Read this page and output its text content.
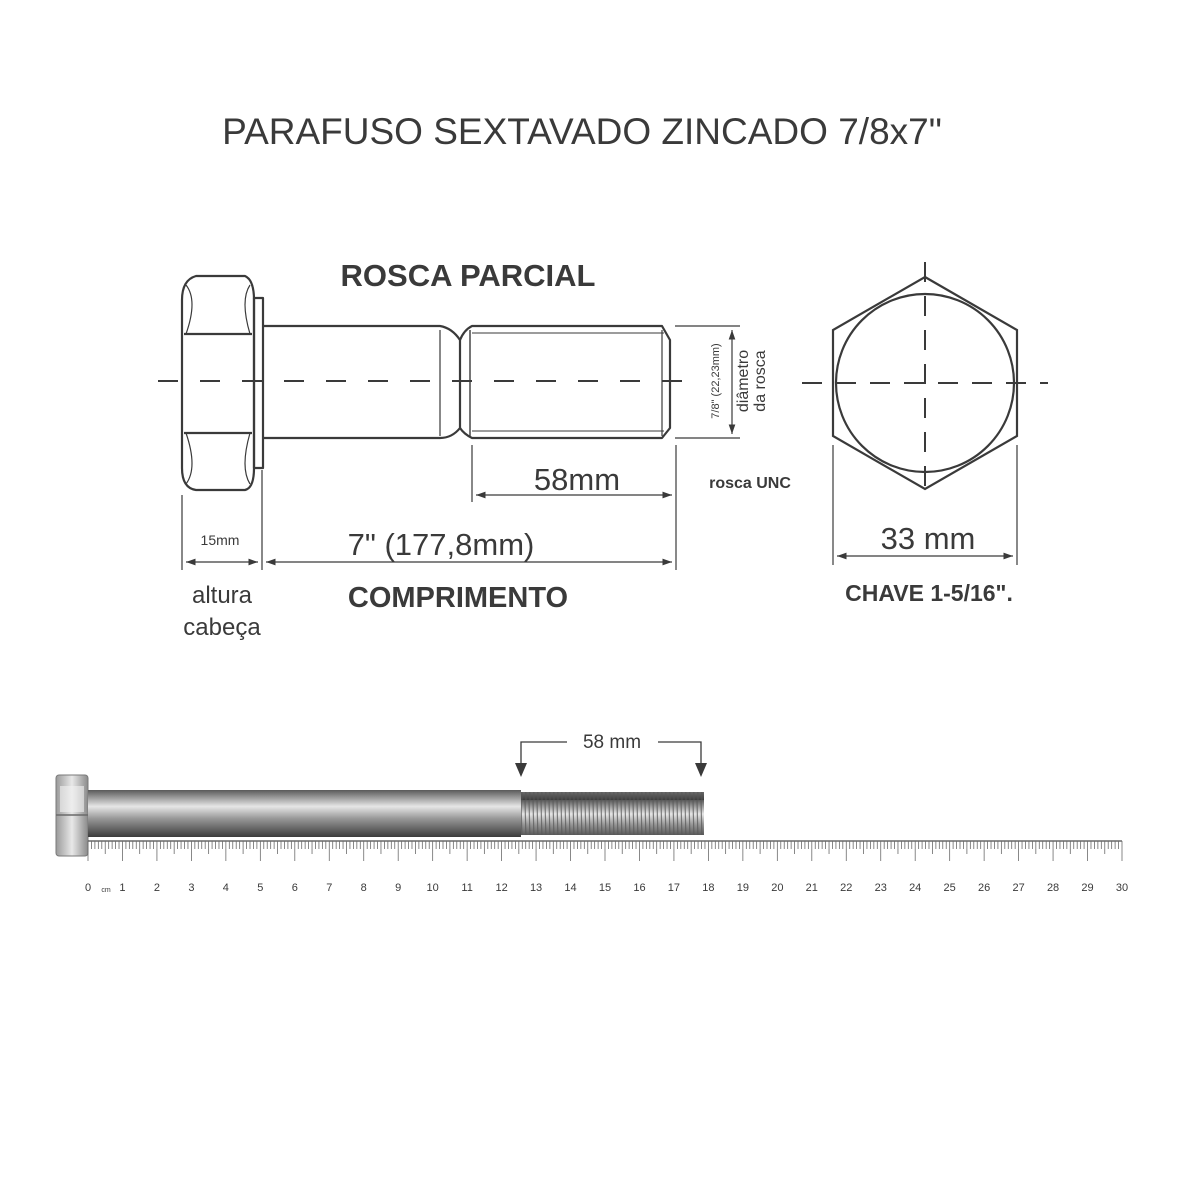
PARAFUSO SEXTAVADO ZINCADO 7/8x7"
ROSCA PARCIAL
7/8" (22,23mm) diâmetro da rosca
58mm	rosca UNC
15mm
altura
cabeça
7" (177,8mm)
COMPRIMENTO
33 mm
CHAVE 1-5/16".
58 mm
0	1	2	3	4	5	6	7	8	9 10 11 12 13 14 15 16 17 18 19 20 21 22 23 24 25 26 27 28 29 30
cm
